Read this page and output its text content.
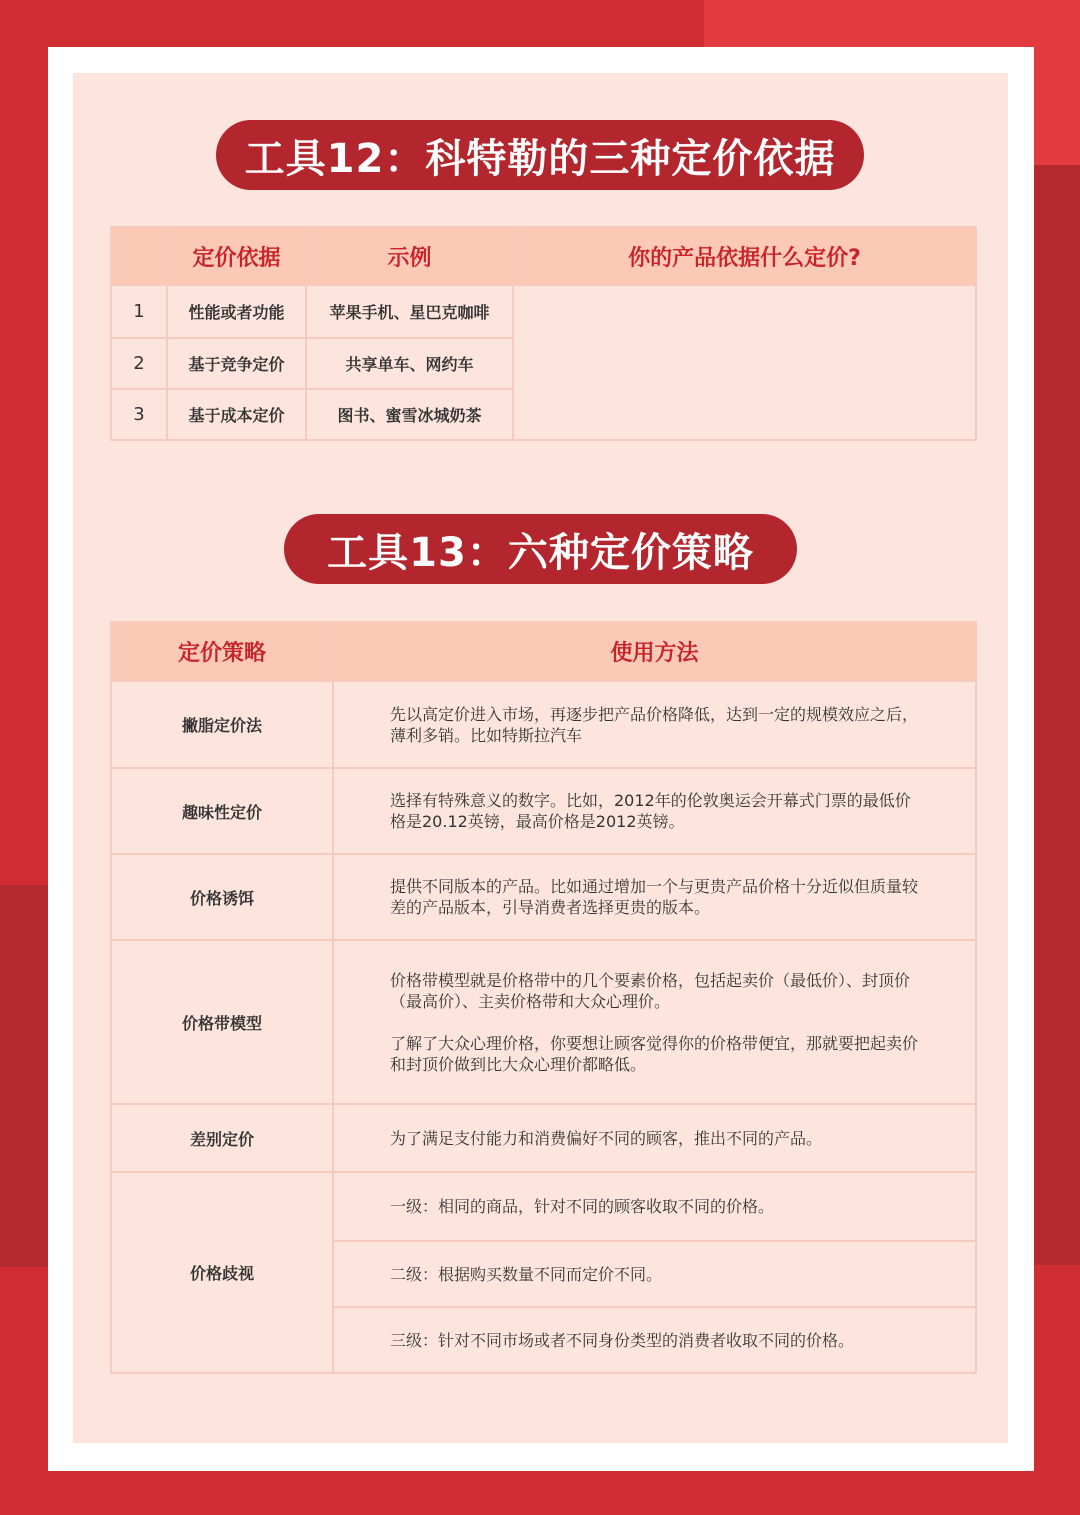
工具12：科特勒的三种定价依据
	定价依据	示例	你的产品依据什么定价?
1	性能或者功能	苹果手机、星巴克咖啡	
2	基于竞争定价	共享单车、网约车	
3	基于成本定价	图书、蜜雪冰城奶茶	
工具13：六种定价策略
定价策略	使用方法
撇脂定价法	先以高定价进入市场，再逐步把产品价格降低，达到一定的规模效应之后，薄利多销。比如特斯拉汽车

趣味性定价	选择有特殊意义的数字。比如，2012年的伦敦奥运会开幕式门票的最低价格是20.12英镑，最高价格是2012英镑。

价格诱饵	提供不同版本的产品。比如通过增加一个与更贵产品价格十分近似但质量较差的产品版本，引导消费者选择更贵的版本。

价格带模型	价格带模型就是价格带中的几个要素价格，包括起卖价（最低价）、封顶价（最高价）、主卖价格带和大众心理价。

了解了大众心理价格，你要想让顾客觉得你的价格带便宜，那就要把起卖价和封顶价做到比大众心理价都略低。

差别定价	为了满足支付能力和消费偏好不同的顾客，推出不同的产品。

价格歧视	一级：相同的商品，针对不同的顾客收取不同的价格。
	二级：根据购买数量不同而定价不同。
	三级：针对不同市场或者不同身份类型的消费者收取不同的价格。
